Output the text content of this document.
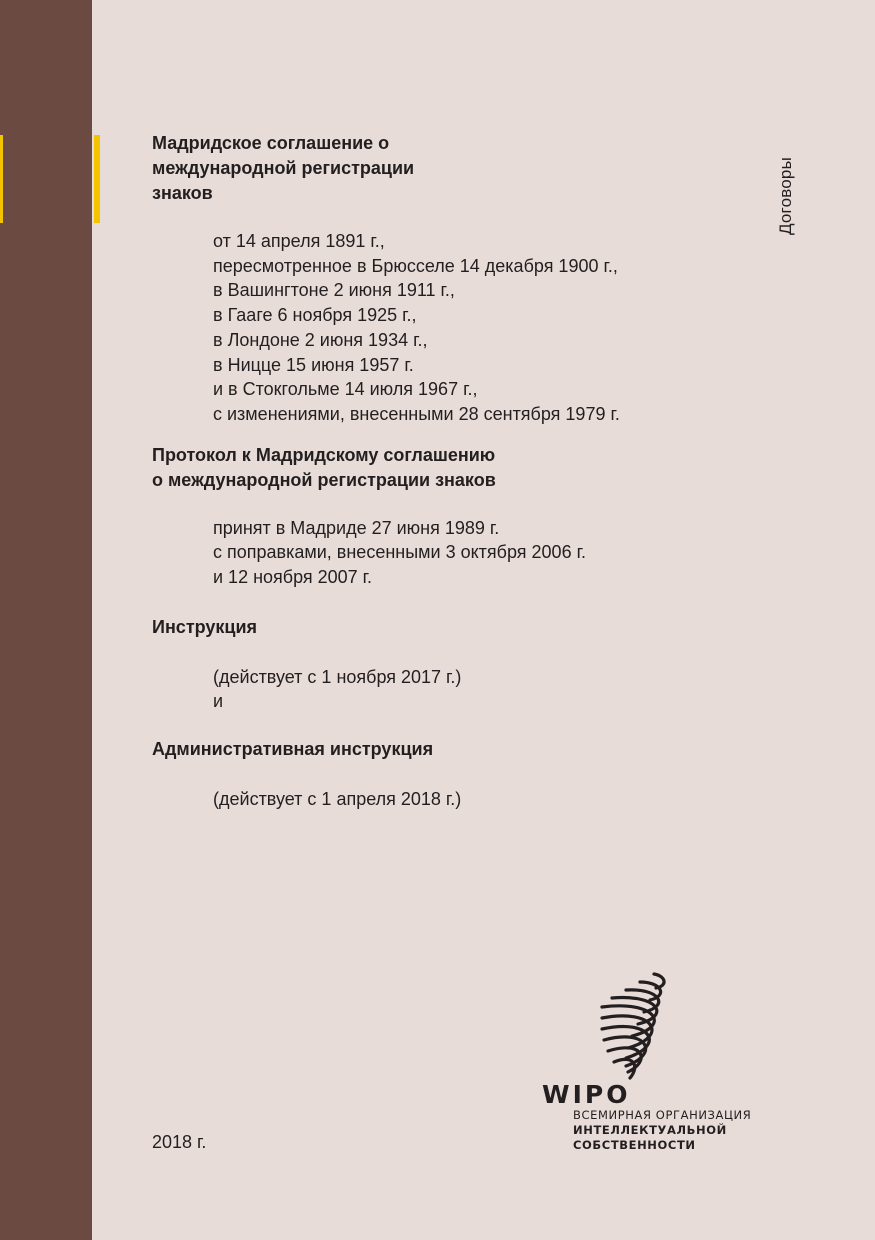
Договоры
Мадридское соглашение о
международной регистрации
знаков
от 14 апреля 1891 г.,
пересмотренное в Брюсселе 14 декабря 1900 г.,
в Вашингтоне 2 июня 1911 г.,
в Гааге 6 ноября 1925 г.,
в Лондоне 2 июня 1934 г.,
в Ницце 15 июня 1957 г.
и в Стокгольме 14 июля 1967 г.,
с изменениями, внесенными 28 сентября 1979 г.
Протокол к Мадридскому соглашению
о международной регистрации знаков
принят в Мадриде 27 июня 1989 г.
с поправками, внесенными 3 октября 2006 г.
и 12 ноября 2007 г.
Инструкция
(действует с 1 ноября 2017 г.)
и
Административная инструкция
(действует с 1 апреля 2018 г.)
2018 г.
WIPO
ВСЕМИРНАЯ ОРГАНИЗАЦИЯ
ИНТЕЛЛЕКТУАЛЬНОЙ
СОБСТВЕННОСТИ
